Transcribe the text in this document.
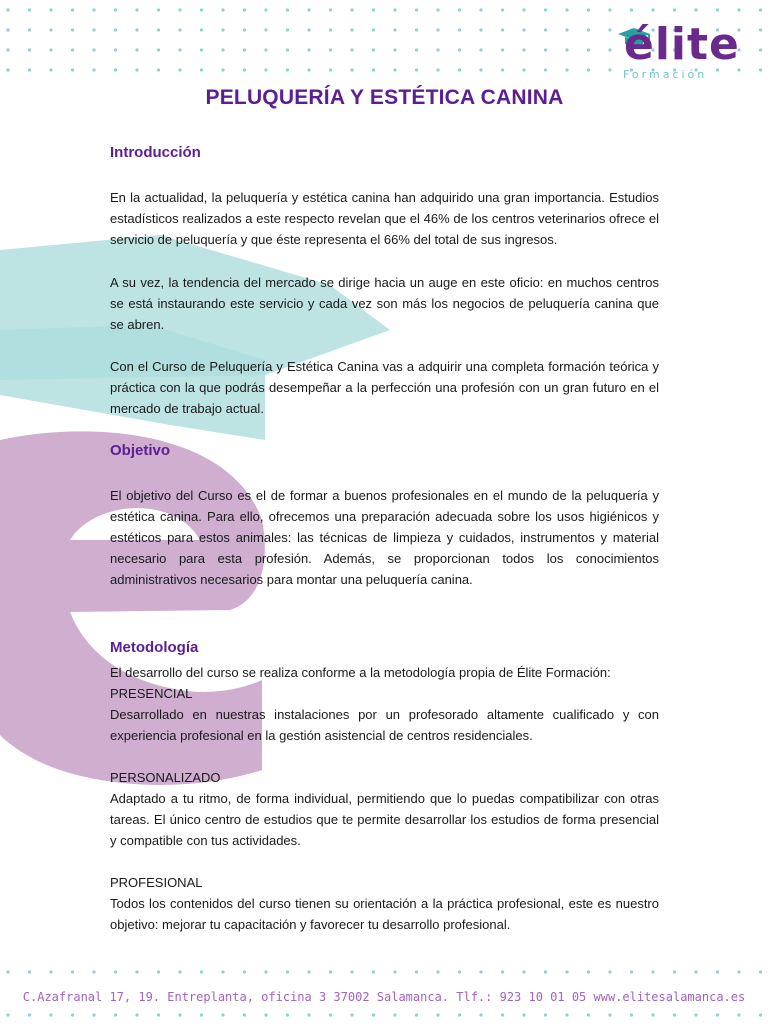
élite
Formación
PELUQUERÍA Y ESTÉTICA CANINA
Introducción

En la actualidad, la peluquería y estética canina han adquirido una gran importancia. Estudios estadísticos realizados a este respecto revelan que el 46% de los centros veterinarios ofrece el servicio de peluquería y que éste representa el 66% del total de sus ingresos.

A su vez, la tendencia del mercado se dirige hacia un auge en este oficio: en muchos centros se está instaurando este servicio y cada vez son más los negocios de peluquería canina que se abren.

Con el Curso de Peluquería y Estética Canina vas a adquirir una completa formación teórica y práctica con la que podrás desempeñar a la perfección una profesión con un gran futuro en el mercado de trabajo actual.

Objetivo

El objetivo del Curso es el de formar a buenos profesionales en el mundo de la peluquería y estética canina. Para ello, ofrecemos una preparación adecuada sobre los usos higiénicos y estéticos para estos animales: las técnicas de limpieza y cuidados, instrumentos y material necesario para esta profesión. Además, se proporcionan todos los conocimientos administrativos necesarios para montar una peluquería canina.

Metodología
El desarrollo del curso se realiza conforme a la metodología propia de Élite Formación:
PRESENCIAL

Desarrollado en nuestras instalaciones por un profesorado altamente cualificado y con experiencia profesional en la gestión asistencial de centros residenciales.

PERSONALIZADO

Adaptado a tu ritmo, de forma individual, permitiendo que lo puedas compatibilizar con otras tareas. El único centro de estudios que te permite desarrollar los estudios de forma presencial y compatible con tus actividades.

PROFESIONAL

Todos los contenidos del curso tienen su orientación a la práctica profesional, este es nuestro objetivo: mejorar tu capacitación y favorecer tu desarrollo profesional.

C.Azafranal 17, 19. Entreplanta, oficina 3 37002 Salamanca. Tlf.: 923 10 01 05 www.elitesalamanca.es
